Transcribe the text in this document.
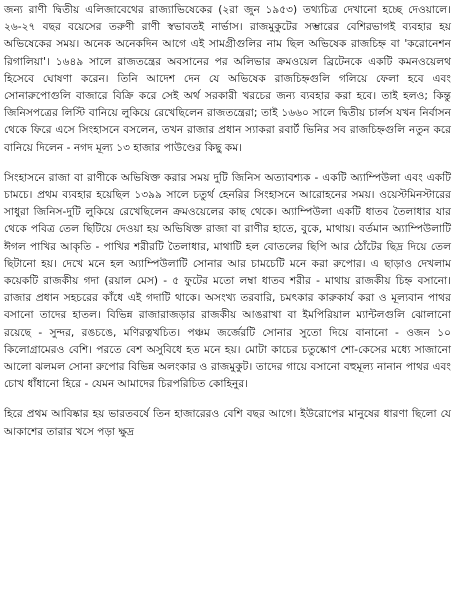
জন্য রাণী দ্বিতীয় এলিজাবেথের রাজ্যাভিষেকের (২রা জুন ১৯৫৩) তথ্যচিত্র দেখানো হচ্ছে দেওয়ালে। ২৬-২৭ বছর বয়েসের তরুণী রাণী স্বভাবতই নার্ভাস। রাজমুকুটের সম্ভারের বেশিরভাগই ব্যবহার হয় অভিষেকের সময়। অনেক অনেকদিন আগে এই সামগ্রীগুলির নাম ছিল অভিষেক রাজচিহ্ন বা 'করোনেশন রিগালিয়া'। ১৬৪৯ সালে রাজতন্ত্রের অবসানের পর অলিভার ক্রমওয়েল ব্রিটেনকে একটি কমনওয়েলথ হিসেবে ঘোষণা করেন। তিনি আদেশ দেন যে অভিষেক রাজচিহ্নগুলি গলিয়ে ফেলা হবে এবং সোনারুপোগুলি বাজারে বিক্রি করে সেই অর্থ সরকারী খরচের জন্য ব্যবহার করা হবে। তাই হলও; কিন্তু জিনিসপত্রের লিস্টি বানিয়ে লুকিয়ে রেখেছিলেন রাজতন্ত্রেরা; তাই ১৬৬০ সালে দ্বিতীয় চার্লস যখন নির্বাসন থেকে ফিরে এসে সিংহাসনে বসলেন, তখন রাজার প্রধান স্যাকরা রবার্ট ভিনির সব রাজচিহ্নগুলি নতুন করে বানিয়ে দিলেন - নগদ মূল্য ১৩ হাজার পাউণ্ডের কিছু কম।

সিংহাসনে রাজা বা রাণীকে অভিষিক্ত করার সময় দুটি জিনিস অত্যাবশ্যক - একটি অ্যাম্পিউলা এবং একটি চামচে। প্রথম ব্যবহার হয়েছিল ১৩৯৯ সালে চতুর্থ হেনরির সিংহাসনে আরোহনের সময়। ওয়েস্টমিনস্টারের সাধুরা জিনিস-দুটি লুকিয়ে রেখেছিলেন ক্রমওয়েলের কাছ থেকে। অ্যাম্পিউলা একটি ধাতব তৈলাধার যার থেকে পবিত্র তেল ছিটিয়ে দেওয়া হয় অভিষিক্ত রাজা বা রাণীর হাতে, বুকে, মাথায়। বর্তমান অ্যাম্পিউলাটি ঈগল পাখির আকৃতি - পাখির শরীরটি তৈলাধার, মাথাটি হল বোতলের ছিপি আর ঠোঁটের ছিদ্র দিয়ে তেল ছিটানো হয়। দেখে মনে হল অ্যাম্পিউলাটি সোনার আর চামচেটি মনে করা রুপোর। এ ছাড়াও দেখলাম কয়েকটি রাজকীয় গদা (রয়াল মেস) - ৫ ফুটের মতো লম্বা ধাতব শরীর - মাথায় রাজকীয় চিহ্ন বসানো। রাজার প্রধান সহচরের কাঁধে এই গদাটি থাকে। অসংখ্য তরবারি, চমৎকার কারুকার্য করা ও মূল্যবান পাথর বসানো তাদের হাতল। বিভিন্ন রাজারাজড়ার রাজকীয় আঙরাখা বা ইমপিরিয়াল ম্যান্টলগুলি ঝোলানো রয়েছে - সুন্দর, রঙচঙে, মণিরত্নখচিত। পঞ্চম জর্জেরটি সোনার সুতো দিয়ে বানানো - ওজন ১০ কিলোগ্রামেরও বেশি। পরতে বেশ অসুবিধে হত মনে হয়। মোটা কাচের চতুষ্কোণ শো-কেসের মধ্যে সাজানো আলো ঝলমল সোনা রুপোর বিভিন্ন অলংকার ও রাজমুকুট। তাদের গায়ে বসানো বহুমূল্য নানান পাথর এবং চোখ ধাঁধানো হিরে - যেমন আমাদের চিরপরিচিত কোহিনুর।

হিরে প্রথম আবিষ্কার হয় ভারতবর্ষে তিন হাজারেরও বেশি বছর আগে। ইউরোপের মানুষের ধারণা ছিলো যে আকাশের তারার খসে পড়া ক্ষুদ্র
